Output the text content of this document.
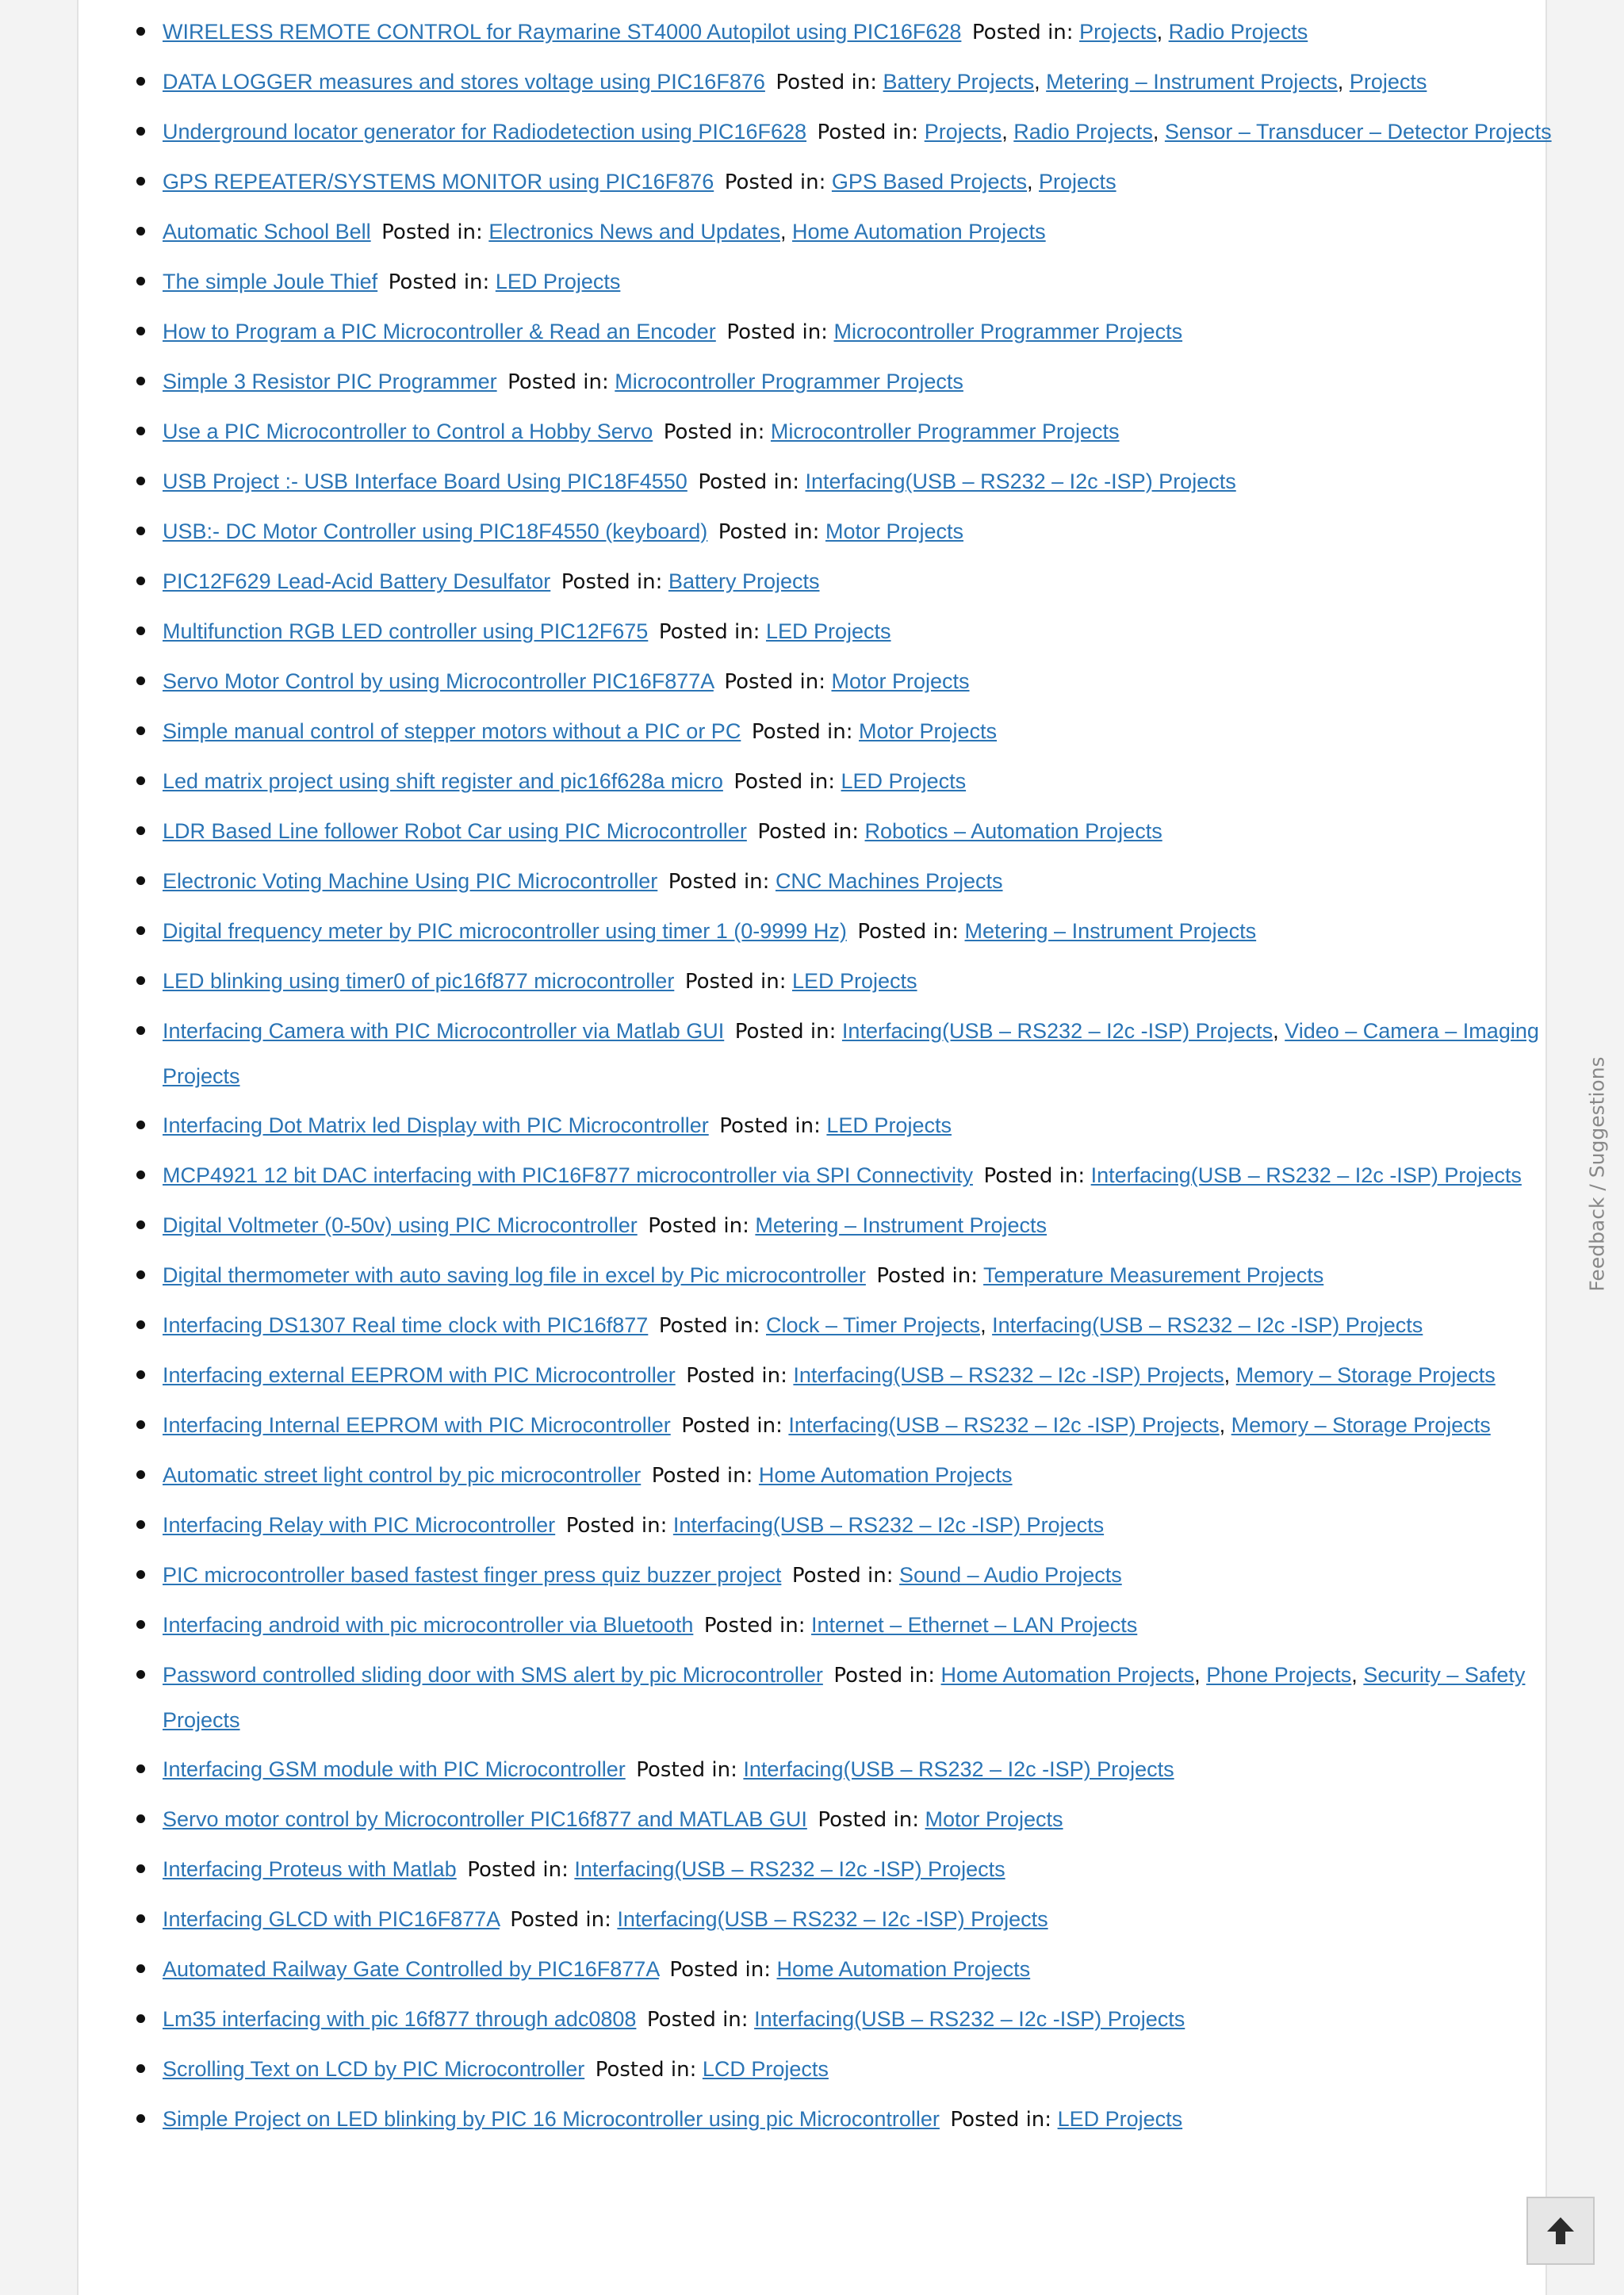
WIRELESS REMOTE CONTROL for Raymarine ST4000 Autopilot using PIC16F628 Posted in: Projects, Radio Projects
DATA LOGGER measures and stores voltage using PIC16F876 Posted in: Battery Projects, Metering – Instrument Projects, Projects
Underground locator generator for Radiodetection using PIC16F628 Posted in: Projects, Radio Projects, Sensor – Transducer – Detector Projects
GPS REPEATER/SYSTEMS MONITOR using PIC16F876 Posted in: GPS Based Projects, Projects
Automatic School Bell Posted in: Electronics News and Updates, Home Automation Projects
The simple Joule Thief Posted in: LED Projects
How to Program a PIC Microcontroller & Read an Encoder Posted in: Microcontroller Programmer Projects
Simple 3 Resistor PIC Programmer Posted in: Microcontroller Programmer Projects
Use a PIC Microcontroller to Control a Hobby Servo Posted in: Microcontroller Programmer Projects
USB Project :- USB Interface Board Using PIC18F4550 Posted in: Interfacing(USB – RS232 – I2c -ISP) Projects
USB:- DC Motor Controller using PIC18F4550 (keyboard) Posted in: Motor Projects
PIC12F629 Lead-Acid Battery Desulfator Posted in: Battery Projects
Multifunction RGB LED controller using PIC12F675 Posted in: LED Projects
Servo Motor Control by using Microcontroller PIC16F877A Posted in: Motor Projects
Simple manual control of stepper motors without a PIC or PC Posted in: Motor Projects
Led matrix project using shift register and pic16f628a micro Posted in: LED Projects
LDR Based Line follower Robot Car using PIC Microcontroller Posted in: Robotics – Automation Projects
Electronic Voting Machine Using PIC Microcontroller Posted in: CNC Machines Projects
Digital frequency meter by PIC microcontroller using timer 1 (0-9999 Hz) Posted in: Metering – Instrument Projects
LED blinking using timer0 of pic16f877 microcontroller Posted in: LED Projects
Interfacing Camera with PIC Microcontroller via Matlab GUI Posted in: Interfacing(USB – RS232 – I2c -ISP) Projects, Video – Camera – Imaging Projects
Interfacing Dot Matrix led Display with PIC Microcontroller Posted in: LED Projects
MCP4921 12 bit DAC interfacing with PIC16F877 microcontroller via SPI Connectivity Posted in: Interfacing(USB – RS232 – I2c -ISP) Projects
Digital Voltmeter (0-50v) using PIC Microcontroller Posted in: Metering – Instrument Projects
Digital thermometer with auto saving log file in excel by Pic microcontroller Posted in: Temperature Measurement Projects
Interfacing DS1307 Real time clock with PIC16f877 Posted in: Clock – Timer Projects, Interfacing(USB – RS232 – I2c -ISP) Projects
Interfacing external EEPROM with PIC Microcontroller Posted in: Interfacing(USB – RS232 – I2c -ISP) Projects, Memory – Storage Projects
Interfacing Internal EEPROM with PIC Microcontroller Posted in: Interfacing(USB – RS232 – I2c -ISP) Projects, Memory – Storage Projects
Automatic street light control by pic microcontroller Posted in: Home Automation Projects
Interfacing Relay with PIC Microcontroller Posted in: Interfacing(USB – RS232 – I2c -ISP) Projects
PIC microcontroller based fastest finger press quiz buzzer project Posted in: Sound – Audio Projects
Interfacing android with pic microcontroller via Bluetooth Posted in: Internet – Ethernet – LAN Projects
Password controlled sliding door with SMS alert by pic Microcontroller Posted in: Home Automation Projects, Phone Projects, Security – Safety Projects
Interfacing GSM module with PIC Microcontroller Posted in: Interfacing(USB – RS232 – I2c -ISP) Projects
Servo motor control by Microcontroller PIC16f877 and MATLAB GUI Posted in: Motor Projects
Interfacing Proteus with Matlab Posted in: Interfacing(USB – RS232 – I2c -ISP) Projects
Interfacing GLCD with PIC16F877A Posted in: Interfacing(USB – RS232 – I2c -ISP) Projects
Automated Railway Gate Controlled by PIC16F877A Posted in: Home Automation Projects
Lm35 interfacing with pic 16f877 through adc0808 Posted in: Interfacing(USB – RS232 – I2c -ISP) Projects
Scrolling Text on LCD by PIC Microcontroller Posted in: LCD Projects
Simple Project on LED blinking by PIC 16 Microcontroller using pic Microcontroller Posted in: LED Projects
Feedback / Suggestions
